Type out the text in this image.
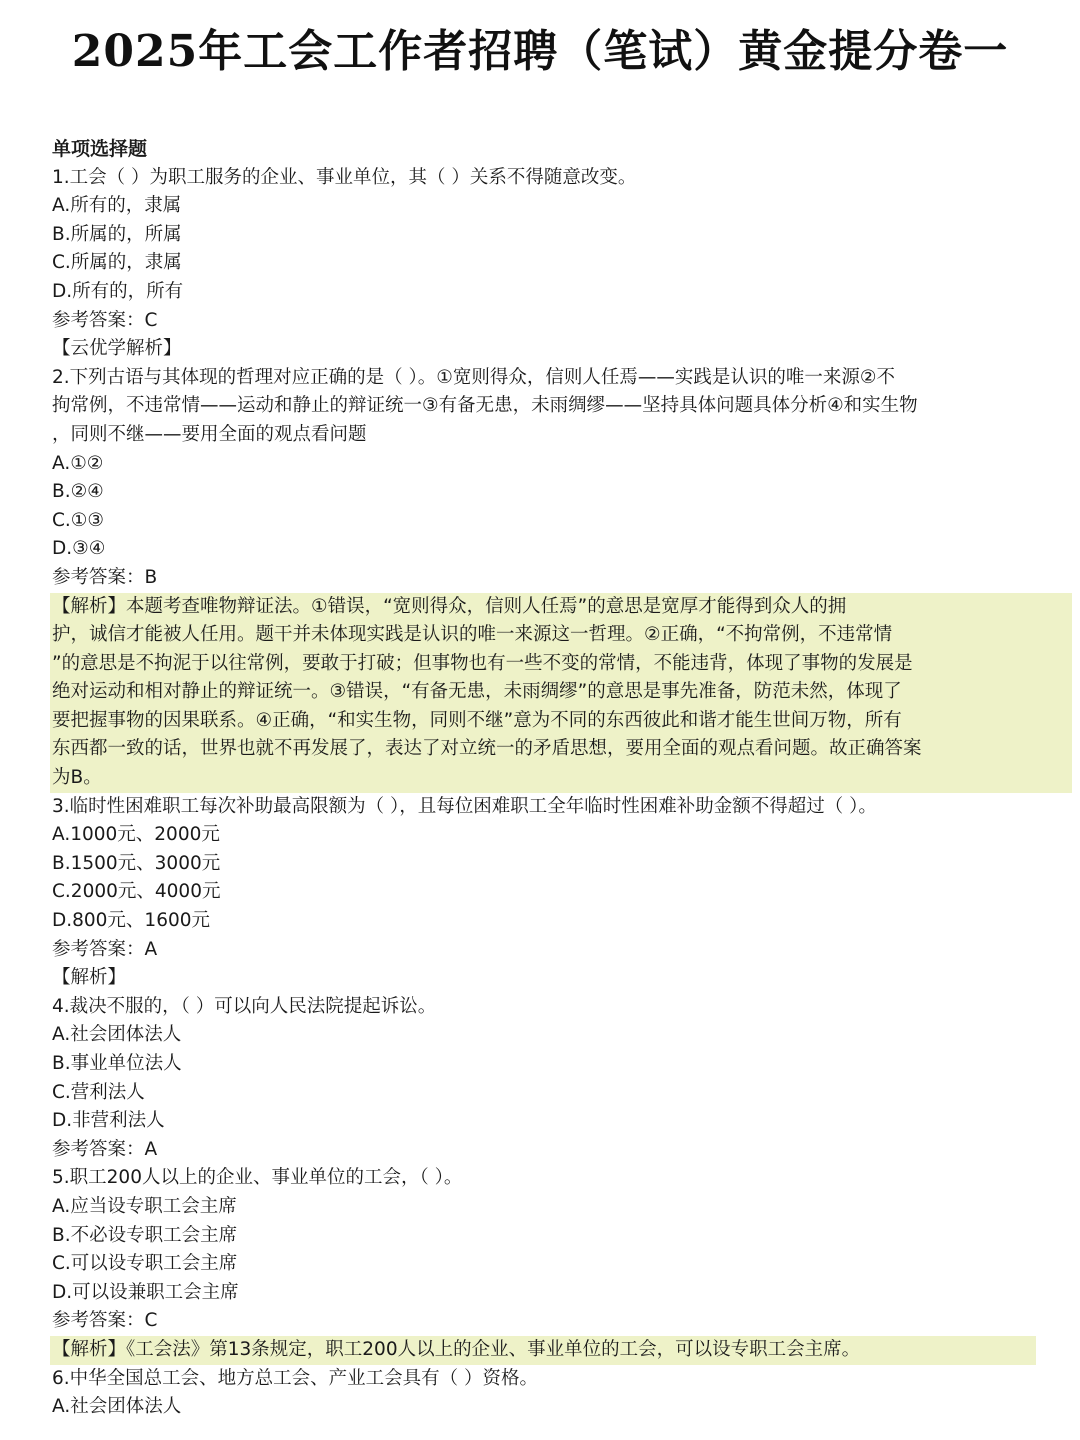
2025年工会工作者招聘（笔试）黄金提分卷一

单项选择题

1.工会（ ）为职工服务的企业、事业单位，其（ ）关系不得随意改变。

A.所有的，隶属

B.所属的，所属

C.所属的，隶属

D.所有的，所有

参考答案：C

【云优学解析】

2.下列古语与其体现的哲理对应正确的是（ ）。①宽则得众，信则人任焉——实践是认识的唯一来源②不

拘常例，不违常情——运动和静止的辩证统一③有备无患，未雨绸缪——坚持具体问题具体分析④和实生物

，同则不继——要用全面的观点看问题

A.①②

B.②④

C.①③

D.③④

参考答案：B

【解析】本题考查唯物辩证法。①错误，“宽则得众，信则人任焉”的意思是宽厚才能得到众人的拥

护，诚信才能被人任用。题干并未体现实践是认识的唯一来源这一哲理。②正确，“不拘常例，不违常情

”的意思是不拘泥于以往常例，要敢于打破；但事物也有一些不变的常情，不能违背，体现了事物的发展是

绝对运动和相对静止的辩证统一。③错误，“有备无患，未雨绸缪”的意思是事先准备，防范未然，体现了

要把握事物的因果联系。④正确，“和实生物，同则不继”意为不同的东西彼此和谐才能生世间万物，所有

东西都一致的话，世界也就不再发展了，表达了对立统一的矛盾思想，要用全面的观点看问题。故正确答案

为B。

3.临时性困难职工每次补助最高限额为（ ），且每位困难职工全年临时性困难补助金额不得超过（ ）。

A.1000元、2000元

B.1500元、3000元

C.2000元、4000元

D.800元、1600元

参考答案：A

【解析】

4.裁决不服的，（ ）可以向人民法院提起诉讼。

A.社会团体法人

B.事业单位法人

C.营利法人

D.非营利法人

参考答案：A

5.职工200人以上的企业、事业单位的工会，（ ）。

A.应当设专职工会主席

B.不必设专职工会主席

C.可以设专职工会主席

D.可以设兼职工会主席

参考答案：C

【解析】《工会法》第13条规定，职工200人以上的企业、事业单位的工会，可以设专职工会主席。

6.中华全国总工会、地方总工会、产业工会具有（ ）资格。

A.社会团体法人
